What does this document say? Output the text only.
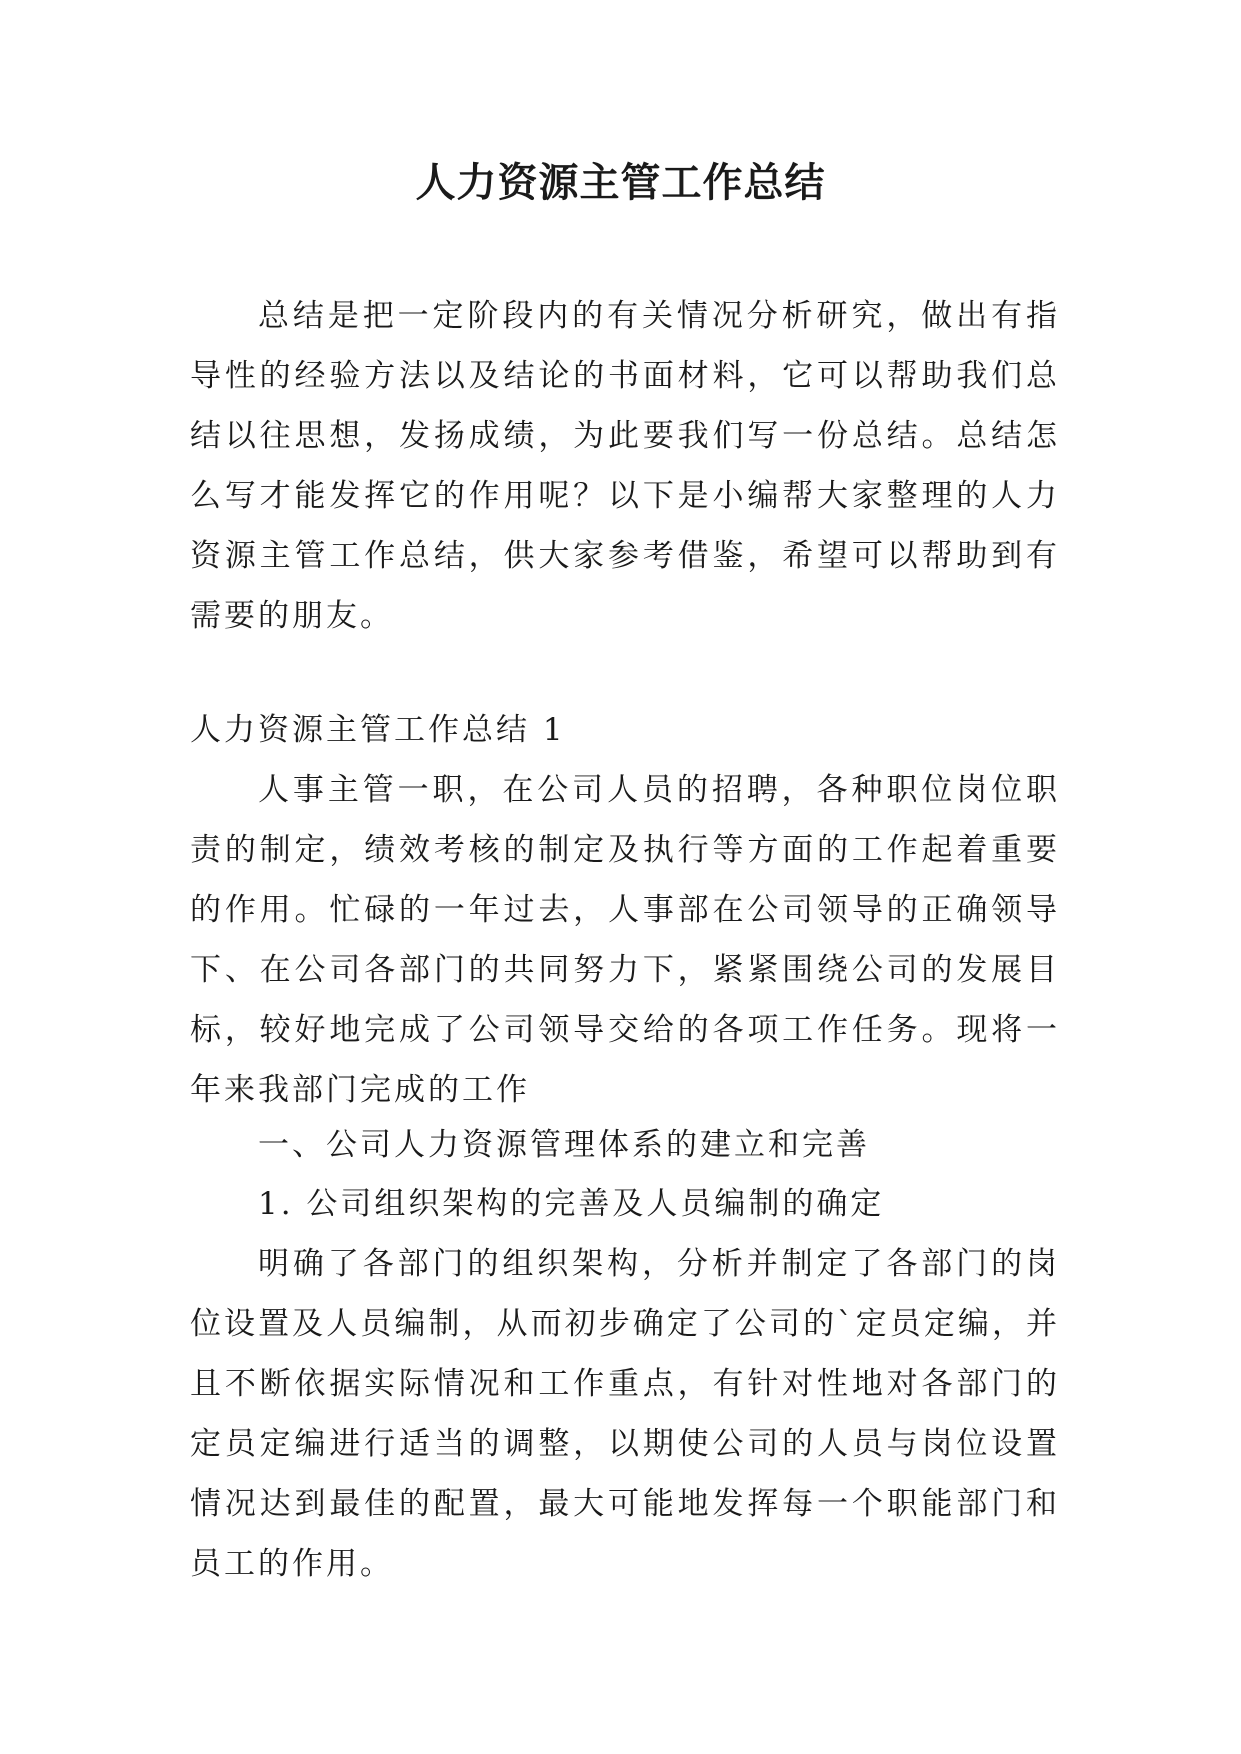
人力资源主管工作总结

总结是把一定阶段内的有关情况分析研究，做出有指导性的经验方法以及结论的书面材料，它可以帮助我们总结以往思想，发扬成绩，为此要我们写一份总结。总结怎么写才能发挥它的作用呢？以下是小编帮大家整理的人力资源主管工作总结，供大家参考借鉴，希望可以帮助到有需要的朋友。

人力资源主管工作总结 1

人事主管一职，在公司人员的招聘，各种职位岗位职责的制定，绩效考核的制定及执行等方面的工作起着重要的作用。忙碌的一年过去，人事部在公司领导的正确领导下、在公司各部门的共同努力下，紧紧围绕公司的发展目标，较好地完成了公司领导交给的各项工作任务。现将一年来我部门完成的工作

一、公司人力资源管理体系的建立和完善

1. 公司组织架构的完善及人员编制的确定

明确了各部门的组织架构，分析并制定了各部门的岗位设置及人员编制，从而初步确定了公司的`定员定编，并且不断依据实际情况和工作重点，有针对性地对各部门的定员定编进行适当的调整，以期使公司的人员与岗位设置情况达到最佳的配置，最大可能地发挥每一个职能部门和员工的作用。
